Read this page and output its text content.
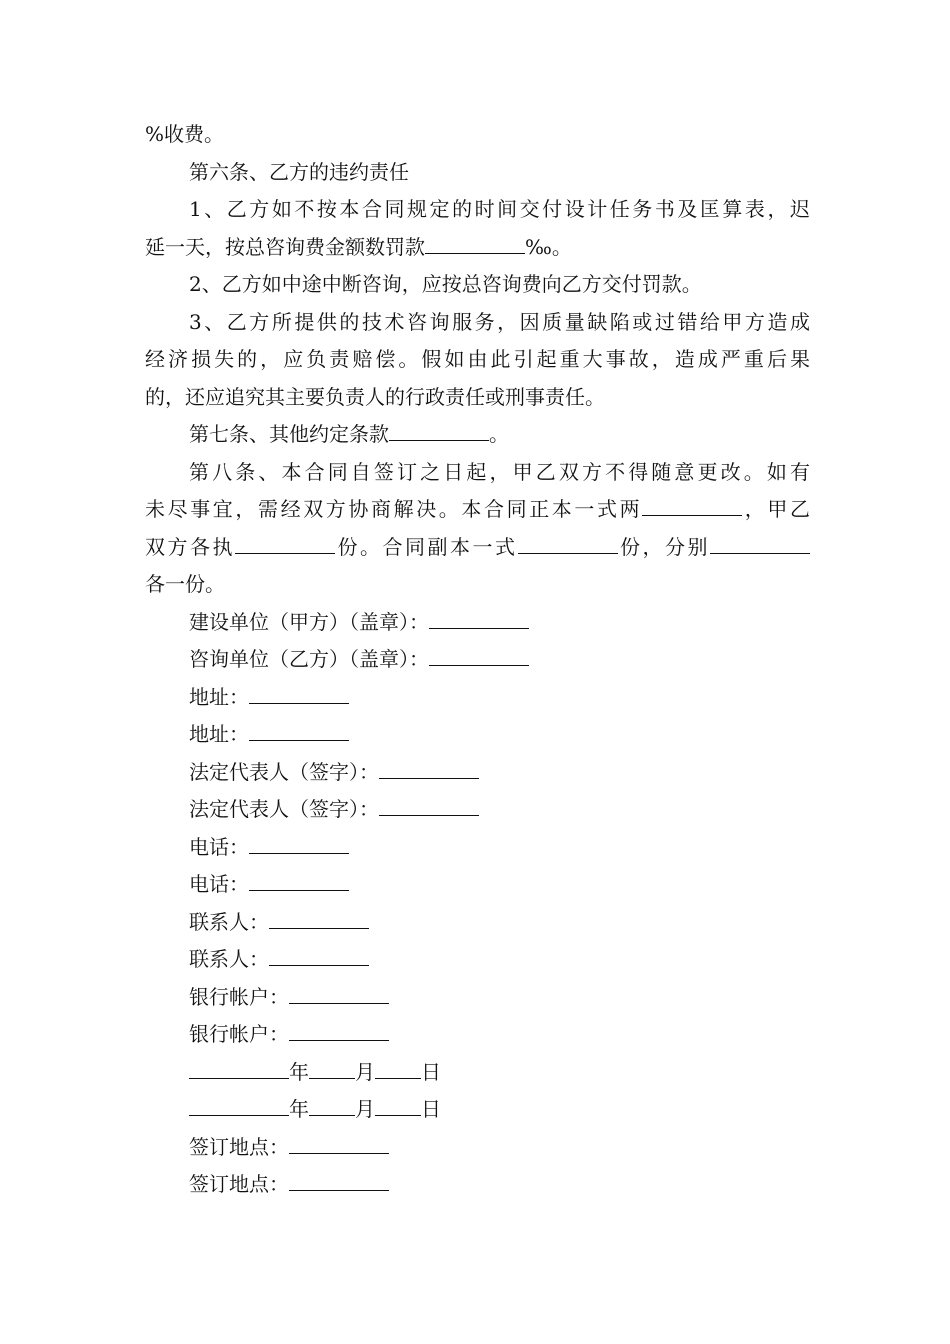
%收费。
第六条、乙方的违约责任
1、乙方如不按本合同规定的时间交付设计任务书及匡算表，迟
延一天，按总咨询费金额数罚款	‰。
2、乙方如中途中断咨询，应按总咨询费向乙方交付罚款。
3、乙方所提供的技术咨询服务，因质量缺陷或过错给甲方造成
经济损失的，应负责赔偿。假如由此引起重大事故，造成严重后果
的，还应追究其主要负责人的行政责任或刑事责任。
第七条、其他约定条款	。
第八条、本合同自签订之日起，甲乙双方不得随意更改。如有
未尽事宜，需经双方协商解决。本合同正本一式两	，甲乙
双方各执	份。合同副本一式	份，分别
各一份。
建设单位（甲方）（盖章）：
咨询单位（乙方）（盖章）：
地址：
地址：
法定代表人（签字）：
法定代表人（签字）：
电话：
电话：
联系人：
联系人：
银行帐户：
银行帐户：
年 月 日
年 月 日
签订地点：
签订地点：
